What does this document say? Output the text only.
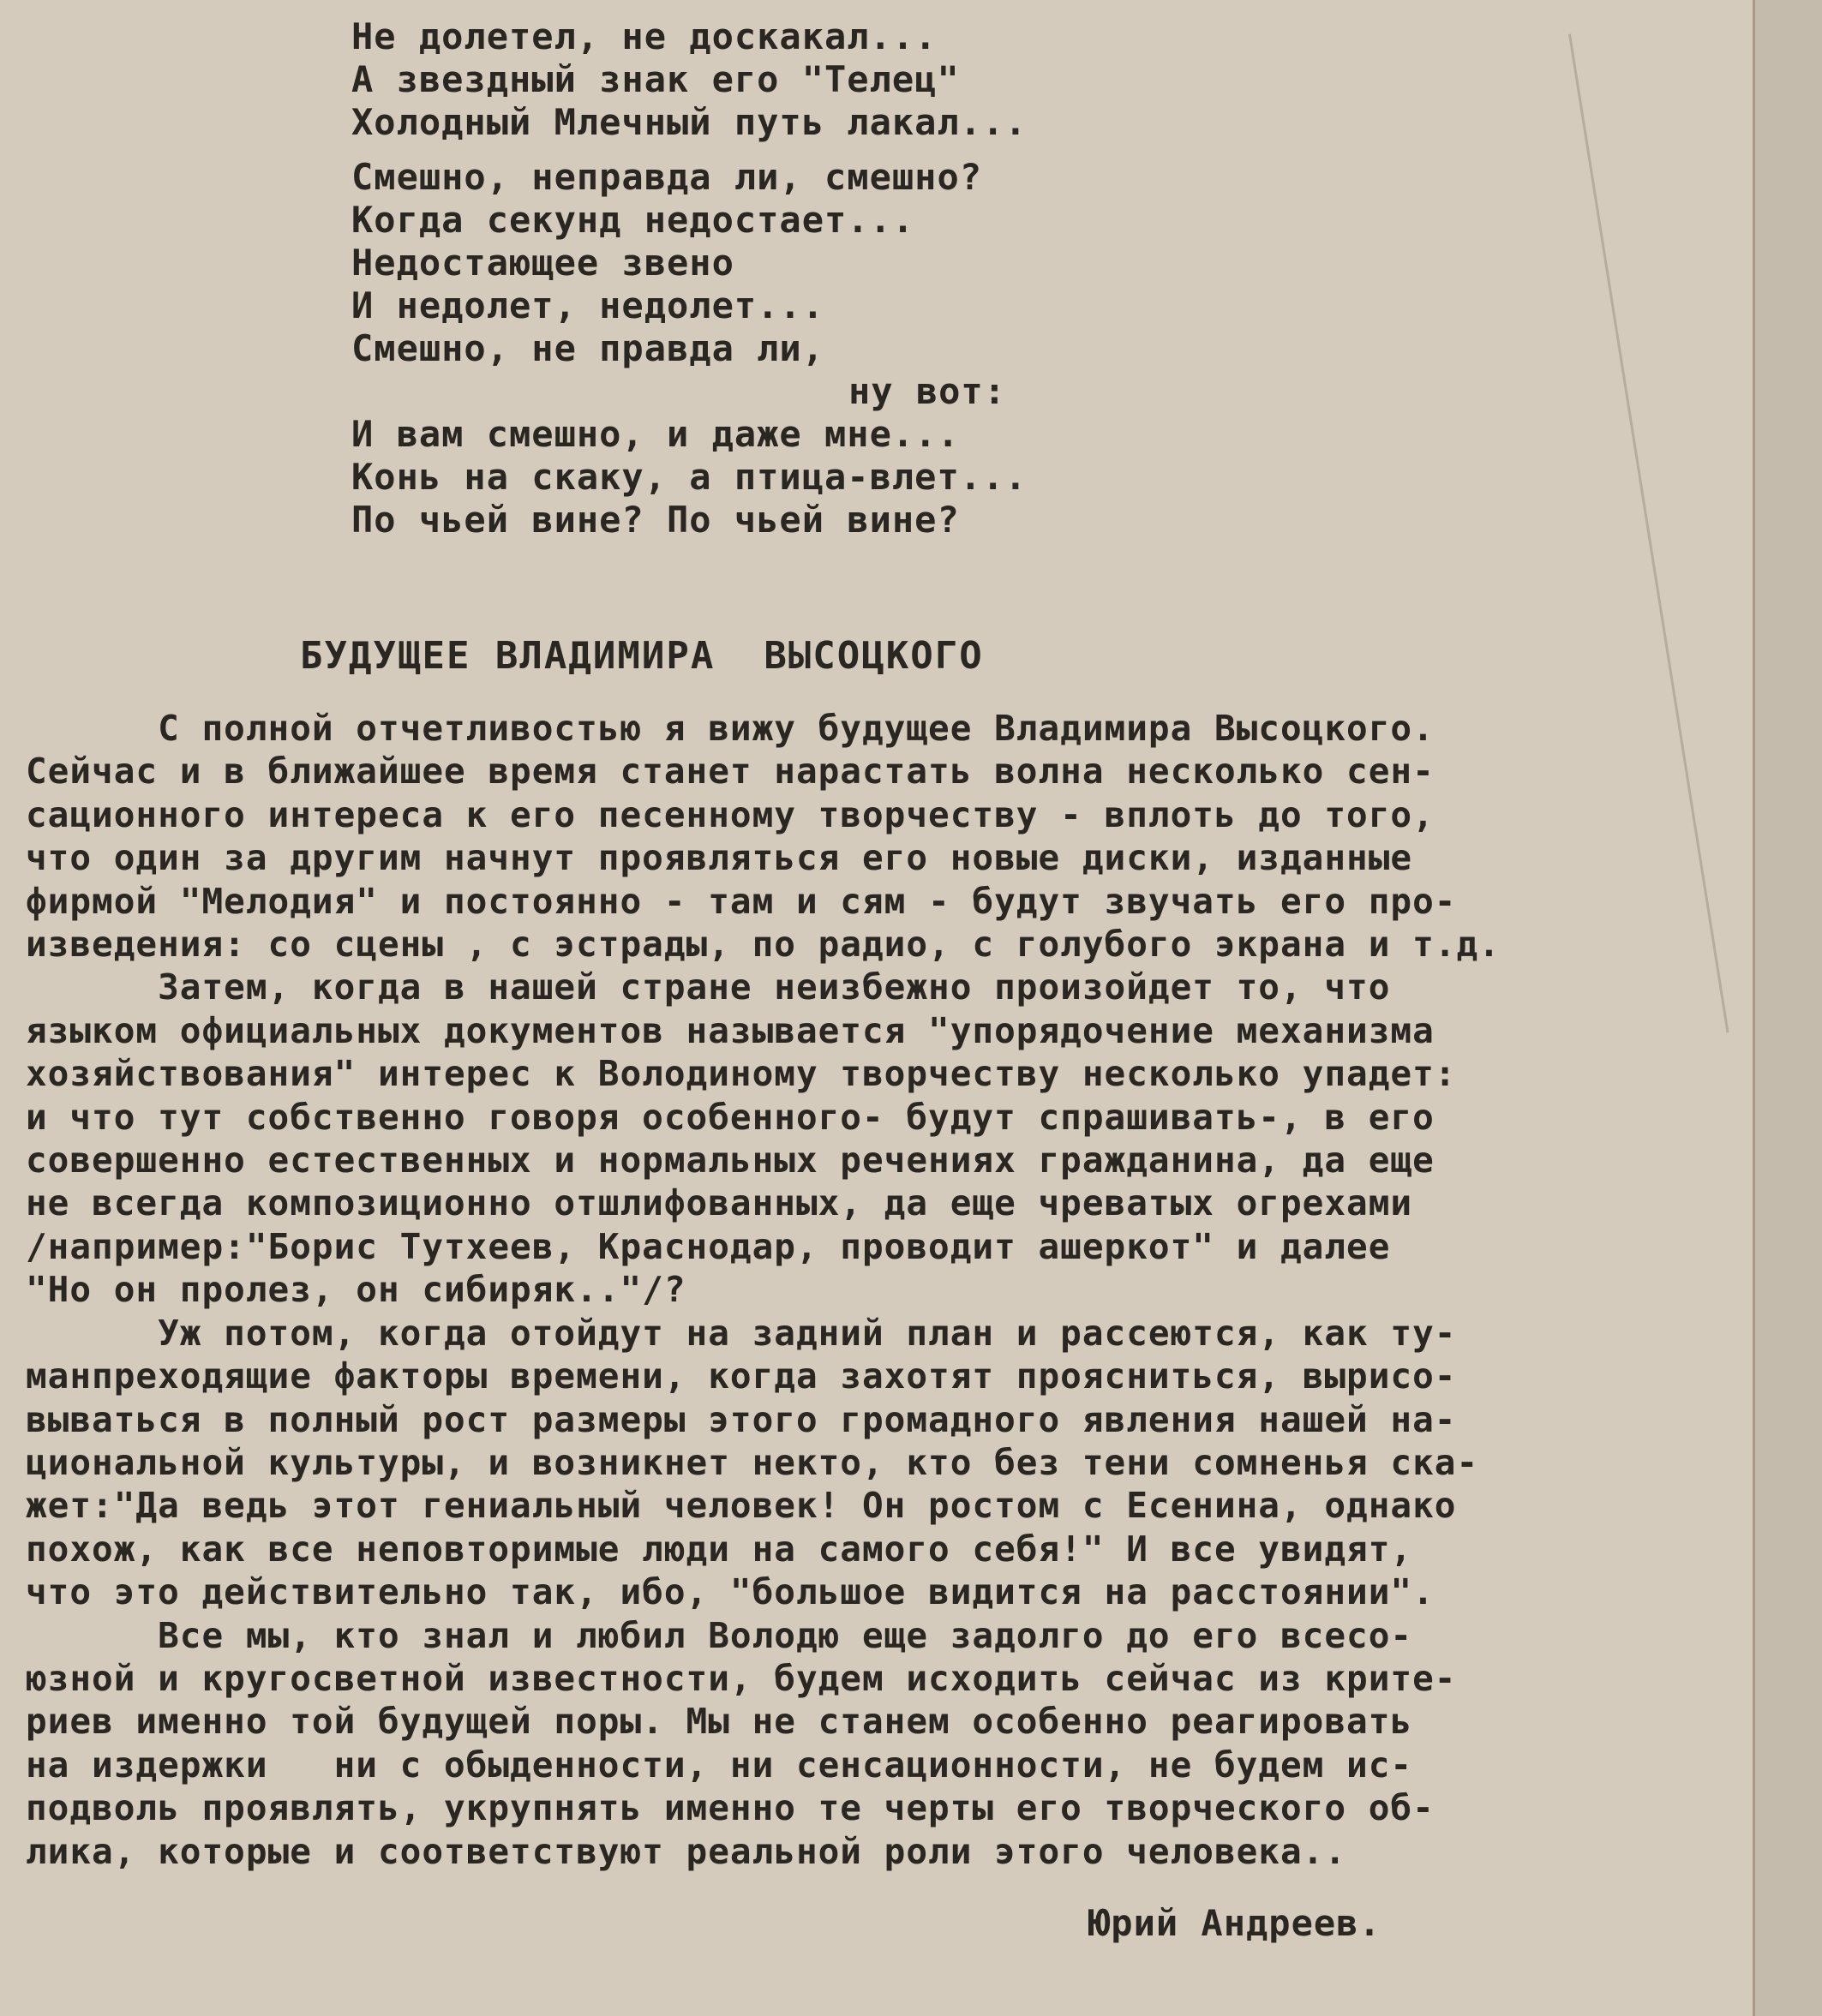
Не долетел, не доскакал...
А звездный знак его "Телец"
Холодный Млечный путь лакал...
Смешно, неправда ли, смешно?
Когда секунд недостает...
Недостающее звено
И недолет, недолет...
Смешно, не правда ли,
ну вот:
И вам смешно, и даже мне...
Конь на скаку, а птица-влет...
По чьей вине? По чьей вине?
БУДУЩЕЕ ВЛАДИМИРА  ВЫСОЦКОГО
С полной отчетливостью я вижу будущее Владимира Высоцкого.
Сейчас и в ближайшее время станет нарастать волна несколько сен-
сационного интереса к его песенному творчеству - вплоть до того,
что один за другим начнут проявляться его новые диски, изданные
фирмой "Мелодия" и постоянно - там и сям - будут звучать его про-
изведения: со сцены , с эстрады, по радио, с голубого экрана и т.д.
Затем, когда в нашей стране неизбежно произойдет то, что
языком официальных документов называется "упорядочение механизма
хозяйствования" интерес к Володиному творчеству несколько упадет:
и что тут собственно говоря особенного- будут спрашивать-, в его
совершенно естественных и нормальных речениях гражданина, да еще
не всегда композиционно отшлифованных, да еще чреватых огрехами
/например:"Борис Тутхеев, Краснодар, проводит ашеркот" и далее
"Но он пролез, он сибиряк.."/?
Уж потом, когда отойдут на задний план и рассеются, как ту-
манпреходящие факторы времени, когда захотят проясниться, вырисо-
вываться в полный рост размеры этого громадного явления нашей на-
циональной культуры, и возникнет некто, кто без тени сомненья ска-
жет:"Да ведь этот гениальный человек! Он ростом с Есенина, однако
похож, как все неповторимые люди на самого себя!" И все увидят,
что это действительно так, ибо, "большое видится на расстоянии".
Все мы, кто знал и любил Володю еще задолго до его всесо-
юзной и кругосветной известности, будем исходить сейчас из крите-
риев именно той будущей поры. Мы не станем особенно реагировать
на издержки   ни с обыденности, ни сенсационности, не будем ис-
подволь проявлять, укрупнять именно те черты его творческого об-
лика, которые и соответствуют реальной роли этого человека..
Юрий Андреев.
